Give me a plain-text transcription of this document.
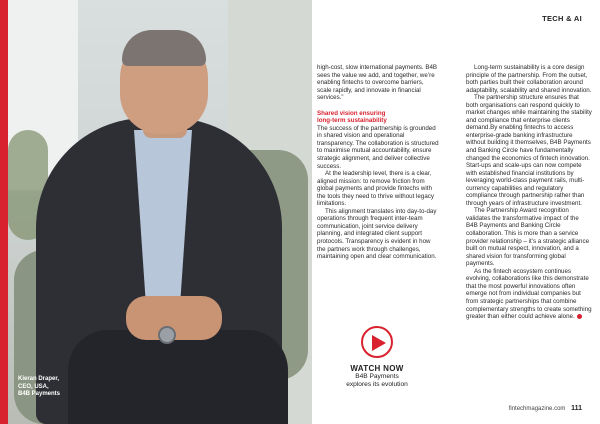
Kieran Draper,
CEO, USA,
B4B Payments
TECH & AI

high-cost, slow international payments. B4B sees the value we add, and together, we’re enabling fintechs to overcome barriers, scale rapidly, and innovate in financial services.”

Shared vision ensuring
long-term sustainability

The success of the partnership is grounded in shared vision and operational transparency. The collaboration is structured to maximise mutual accountability, ensure strategic alignment, and deliver collective success.

At the leadership level, there is a clear, aligned mission: to remove friction from global payments and provide fintechs with the tools they need to thrive without legacy limitations.

This alignment translates into day-to-day operations through frequent inter-team communication, joint service delivery planning, and integrated client support protocols. Transparency is evident in how the partners work through challenges, maintaining open and clear communication.

WATCH NOW
B4B Payments
explores its evolution

Long-term sustainability is a core design principle of the partnership. From the outset, both parties built their collaboration around adaptability, scalability and shared innovation.

The partnership structure ensures that both organisations can respond quickly to market changes while maintaining the stability and compliance that enterprise clients demand.By enabling fintechs to access enterprise-grade banking infrastructure without building it themselves, B4B Payments and Banking Circle have fundamentally changed the economics of fintech innovation. Start-ups and scale-ups can now compete with established financial institutions by leveraging world-class payment rails, multi-currency capabilities and regulatory compliance through partnership rather than through years of infrastructure investment.

The Partnership Award recognition validates the transformative impact of the B4B Payments and Banking Circle collaboration. This is more than a service provider relationship – it’s a strategic alliance built on mutual respect, innovation, and a shared vision for transforming global payments.

As the fintech ecosystem continues evolving, collaborations like this demonstrate that the most powerful innovations often emerge not from individual companies but from strategic partnerships that combine complementary strengths to create something greater than either could achieve alone.

fintechmagazine.com 111
